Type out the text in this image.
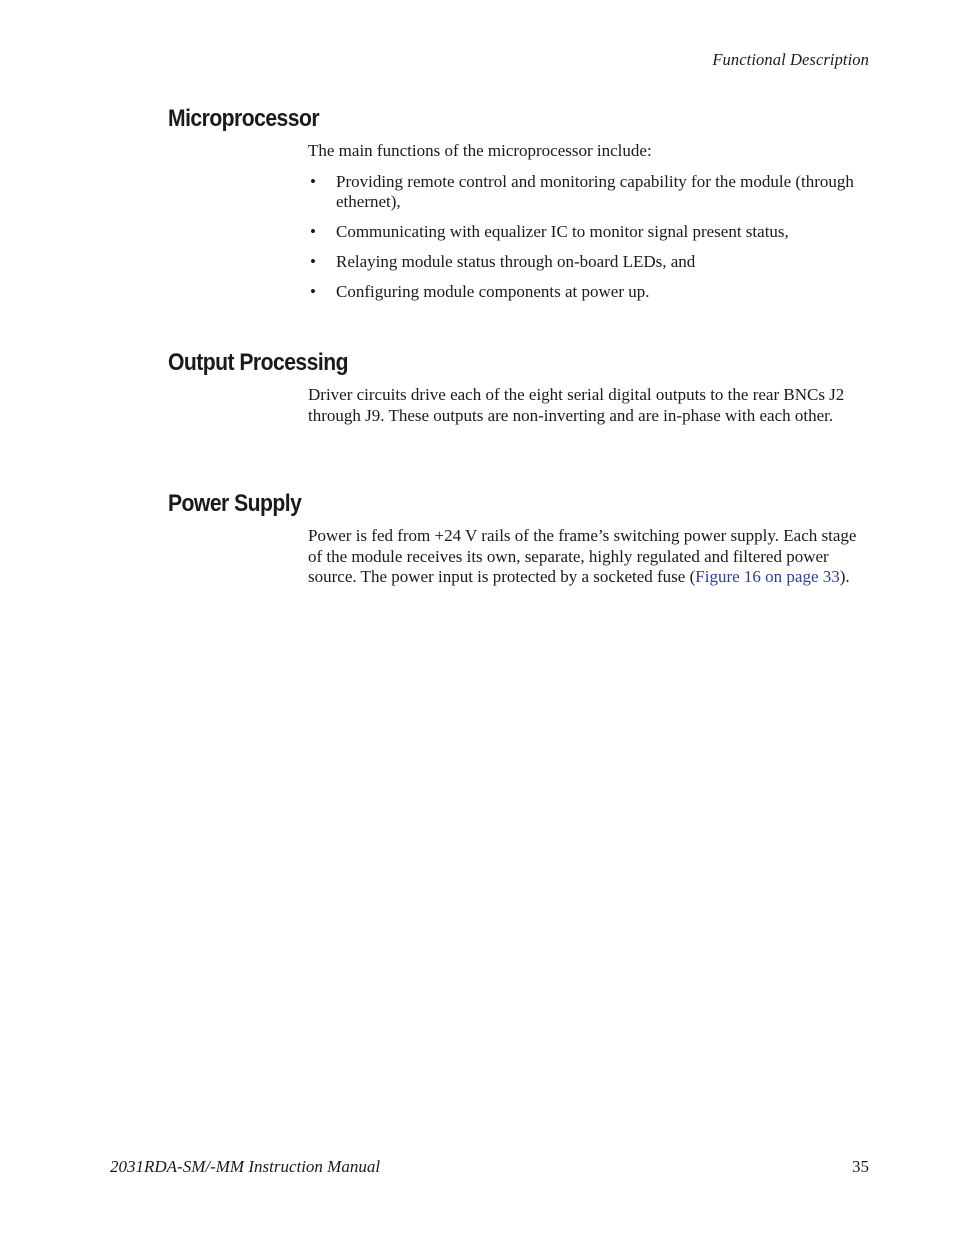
Functional Description
Microprocessor

The main functions of the microprocessor include:

• Providing remote control and monitoring capability for the module (through ethernet),
• Communicating with equalizer IC to monitor signal present status,
• Relaying module status through on-board LEDs, and
• Configuring module components at power up.
Output Processing

Driver circuits drive each of the eight serial digital outputs to the rear BNCs J2 through J9. These outputs are non-inverting and are in-phase with each other.

Power Supply

Power is fed from +24 V rails of the frame’s switching power supply. Each stage of the module receives its own, separate, highly regulated and filtered power source. The power input is protected by a socketed fuse (Figure 16 on page 33).

2031RDA-SM/-MM Instruction Manual	35
